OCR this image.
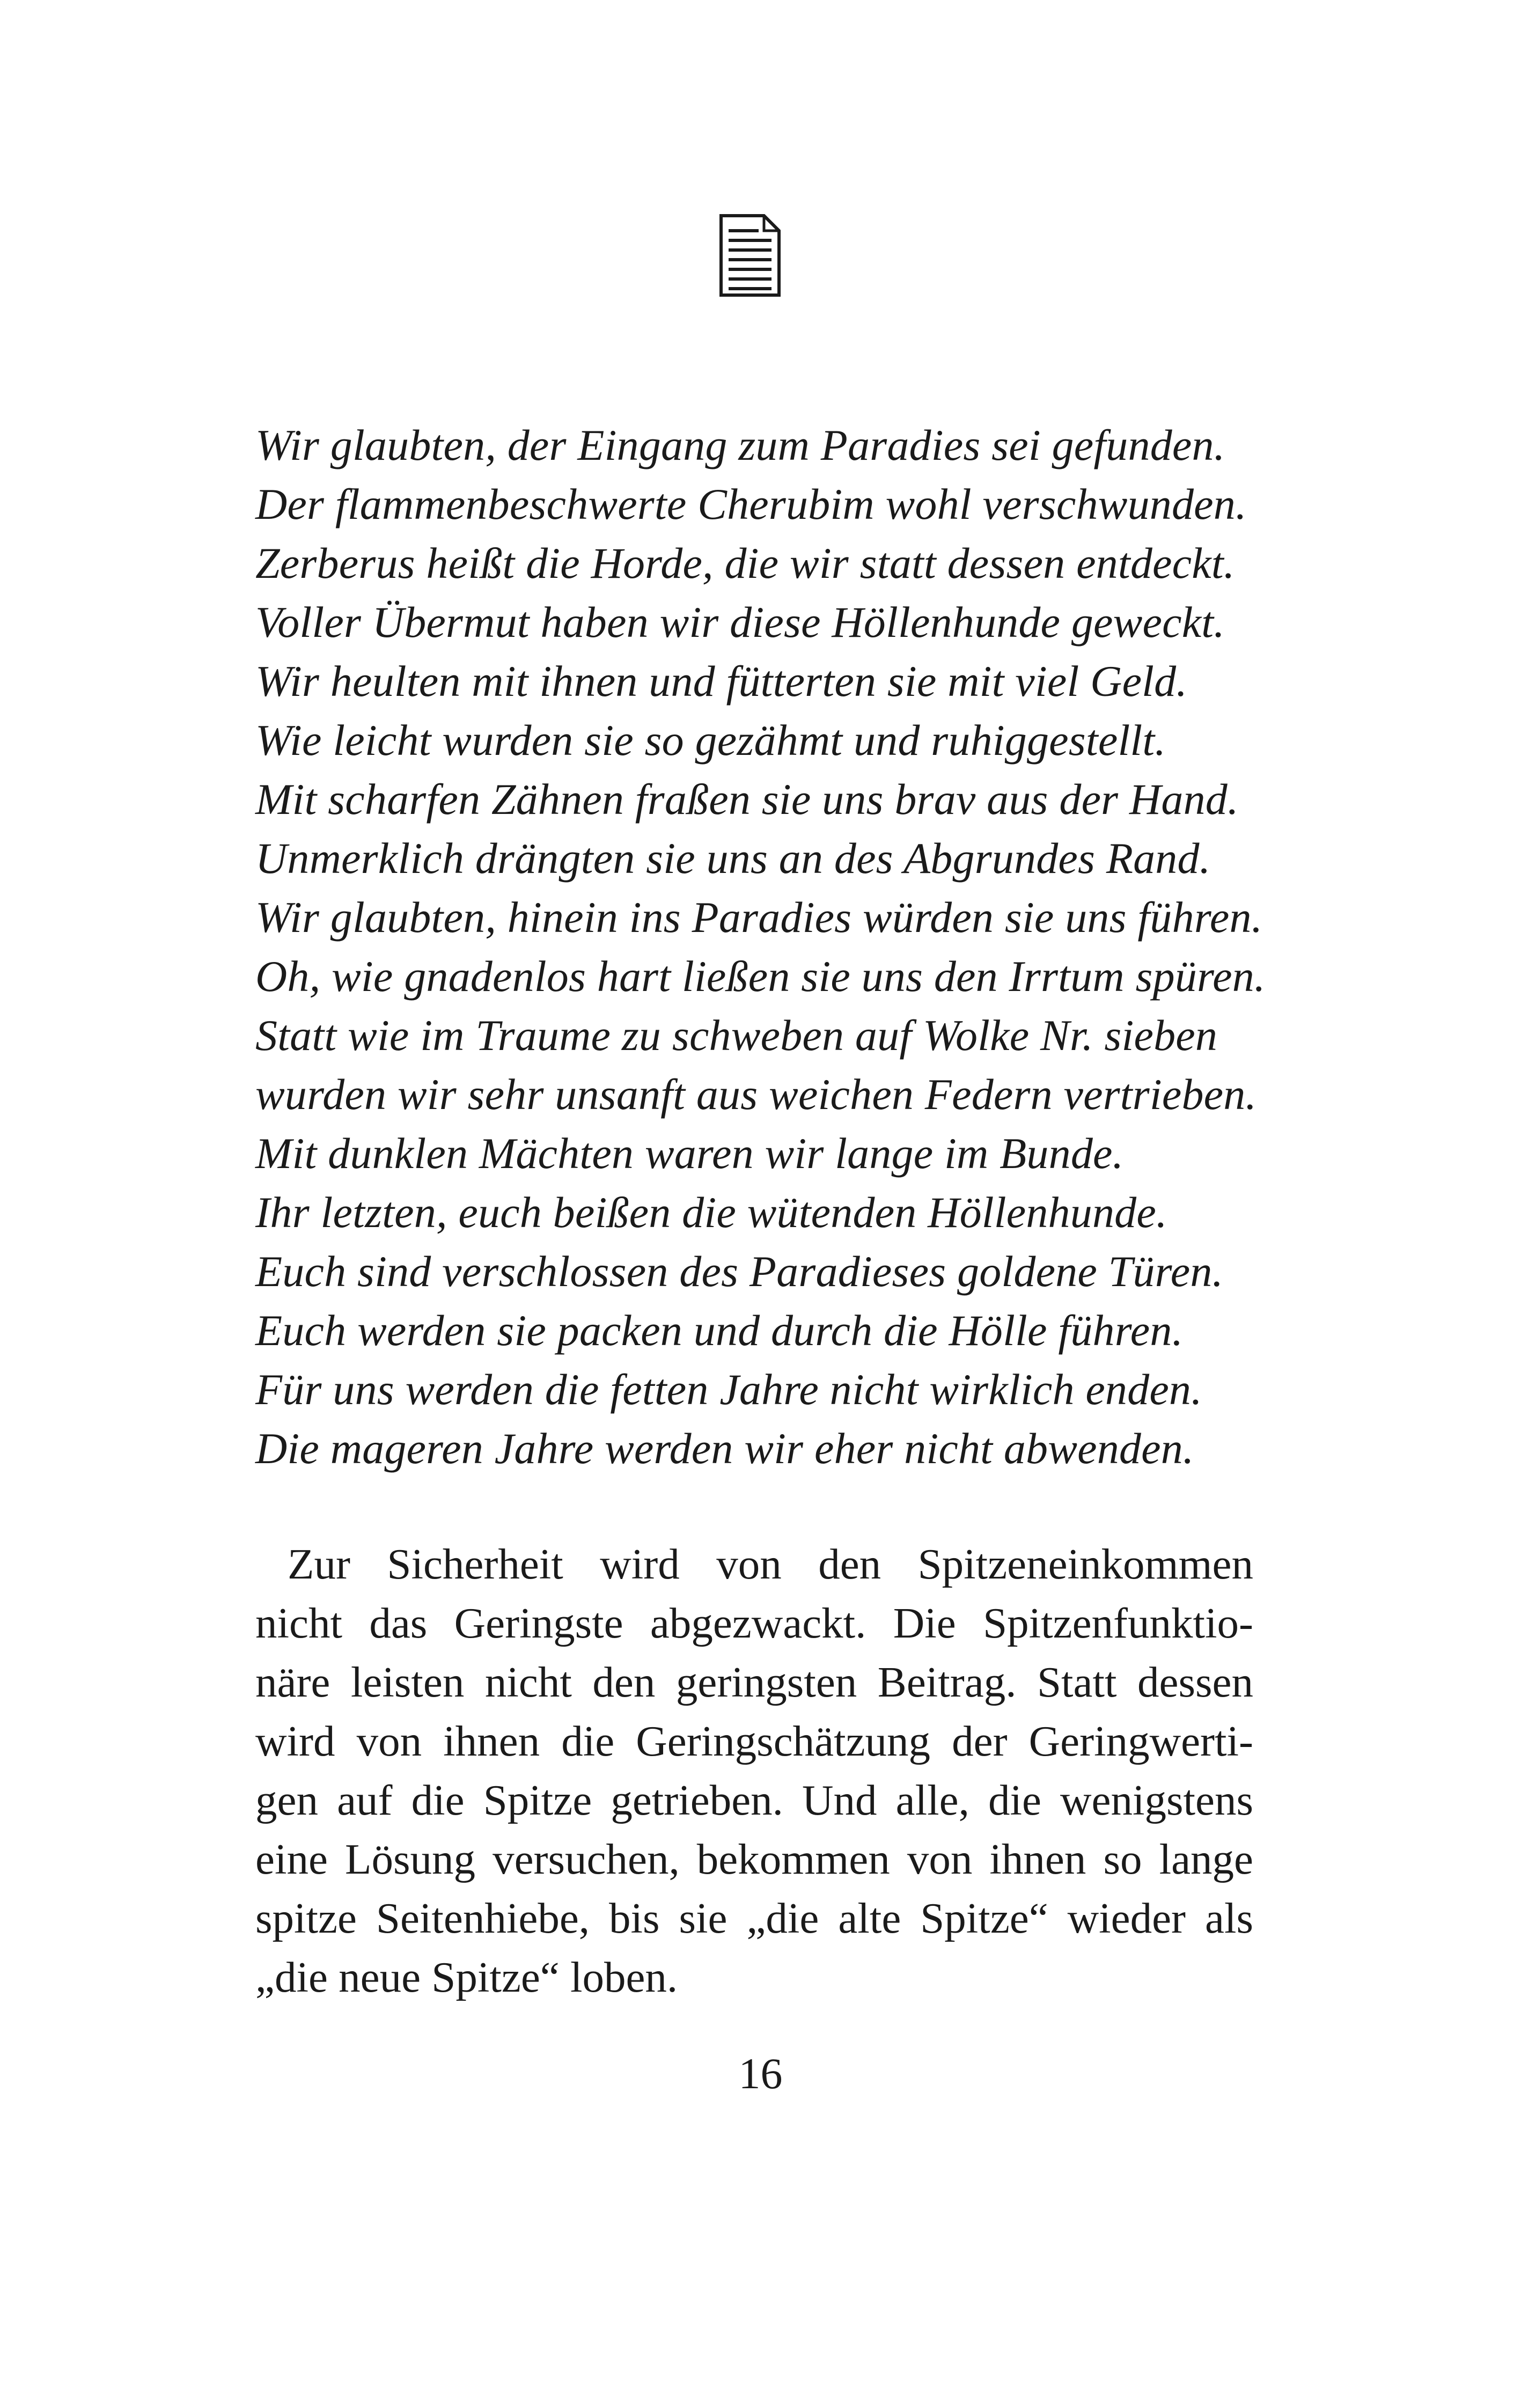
Wir glaubten, der Eingang zum Paradies sei gefunden.
Der flammenbeschwerte Cherubim wohl verschwunden.
Zerberus heißt die Horde, die wir statt dessen entdeckt.
Voller Übermut haben wir diese Höllenhunde geweckt.
Wir heulten mit ihnen und fütterten sie mit viel Geld.
Wie leicht wurden sie so gezähmt und ruhiggestellt.
Mit scharfen Zähnen fraßen sie uns brav aus der Hand.
Unmerklich drängten sie uns an des Abgrundes Rand.
Wir glaubten, hinein ins Paradies würden sie uns führen.
Oh, wie gnadenlos hart ließen sie uns den Irrtum spüren.
Statt wie im Traume zu schweben auf Wolke Nr. sieben
wurden wir sehr unsanft aus weichen Federn vertrieben.
Mit dunklen Mächten waren wir lange im Bunde.
Ihr letzten, euch beißen die wütenden Höllenhunde.
Euch sind verschlossen des Paradieses goldene Türen.
Euch werden sie packen und durch die Hölle führen.
Für uns werden die fetten Jahre nicht wirklich enden.
Die mageren Jahre werden wir eher nicht abwenden.
Zur Sicherheit wird von den Spitzeneinkommen
nicht das Geringste abgezwackt. Die Spitzenfunktio-
näre leisten nicht den geringsten Beitrag. Statt dessen
wird von ihnen die Geringschätzung der Geringwerti-
gen auf die Spitze getrieben. Und alle, die wenigstens
eine Lösung versuchen, bekommen von ihnen so lange
spitze Seitenhiebe, bis sie „die alte Spitze“ wieder als
„die neue Spitze“ loben.
16
